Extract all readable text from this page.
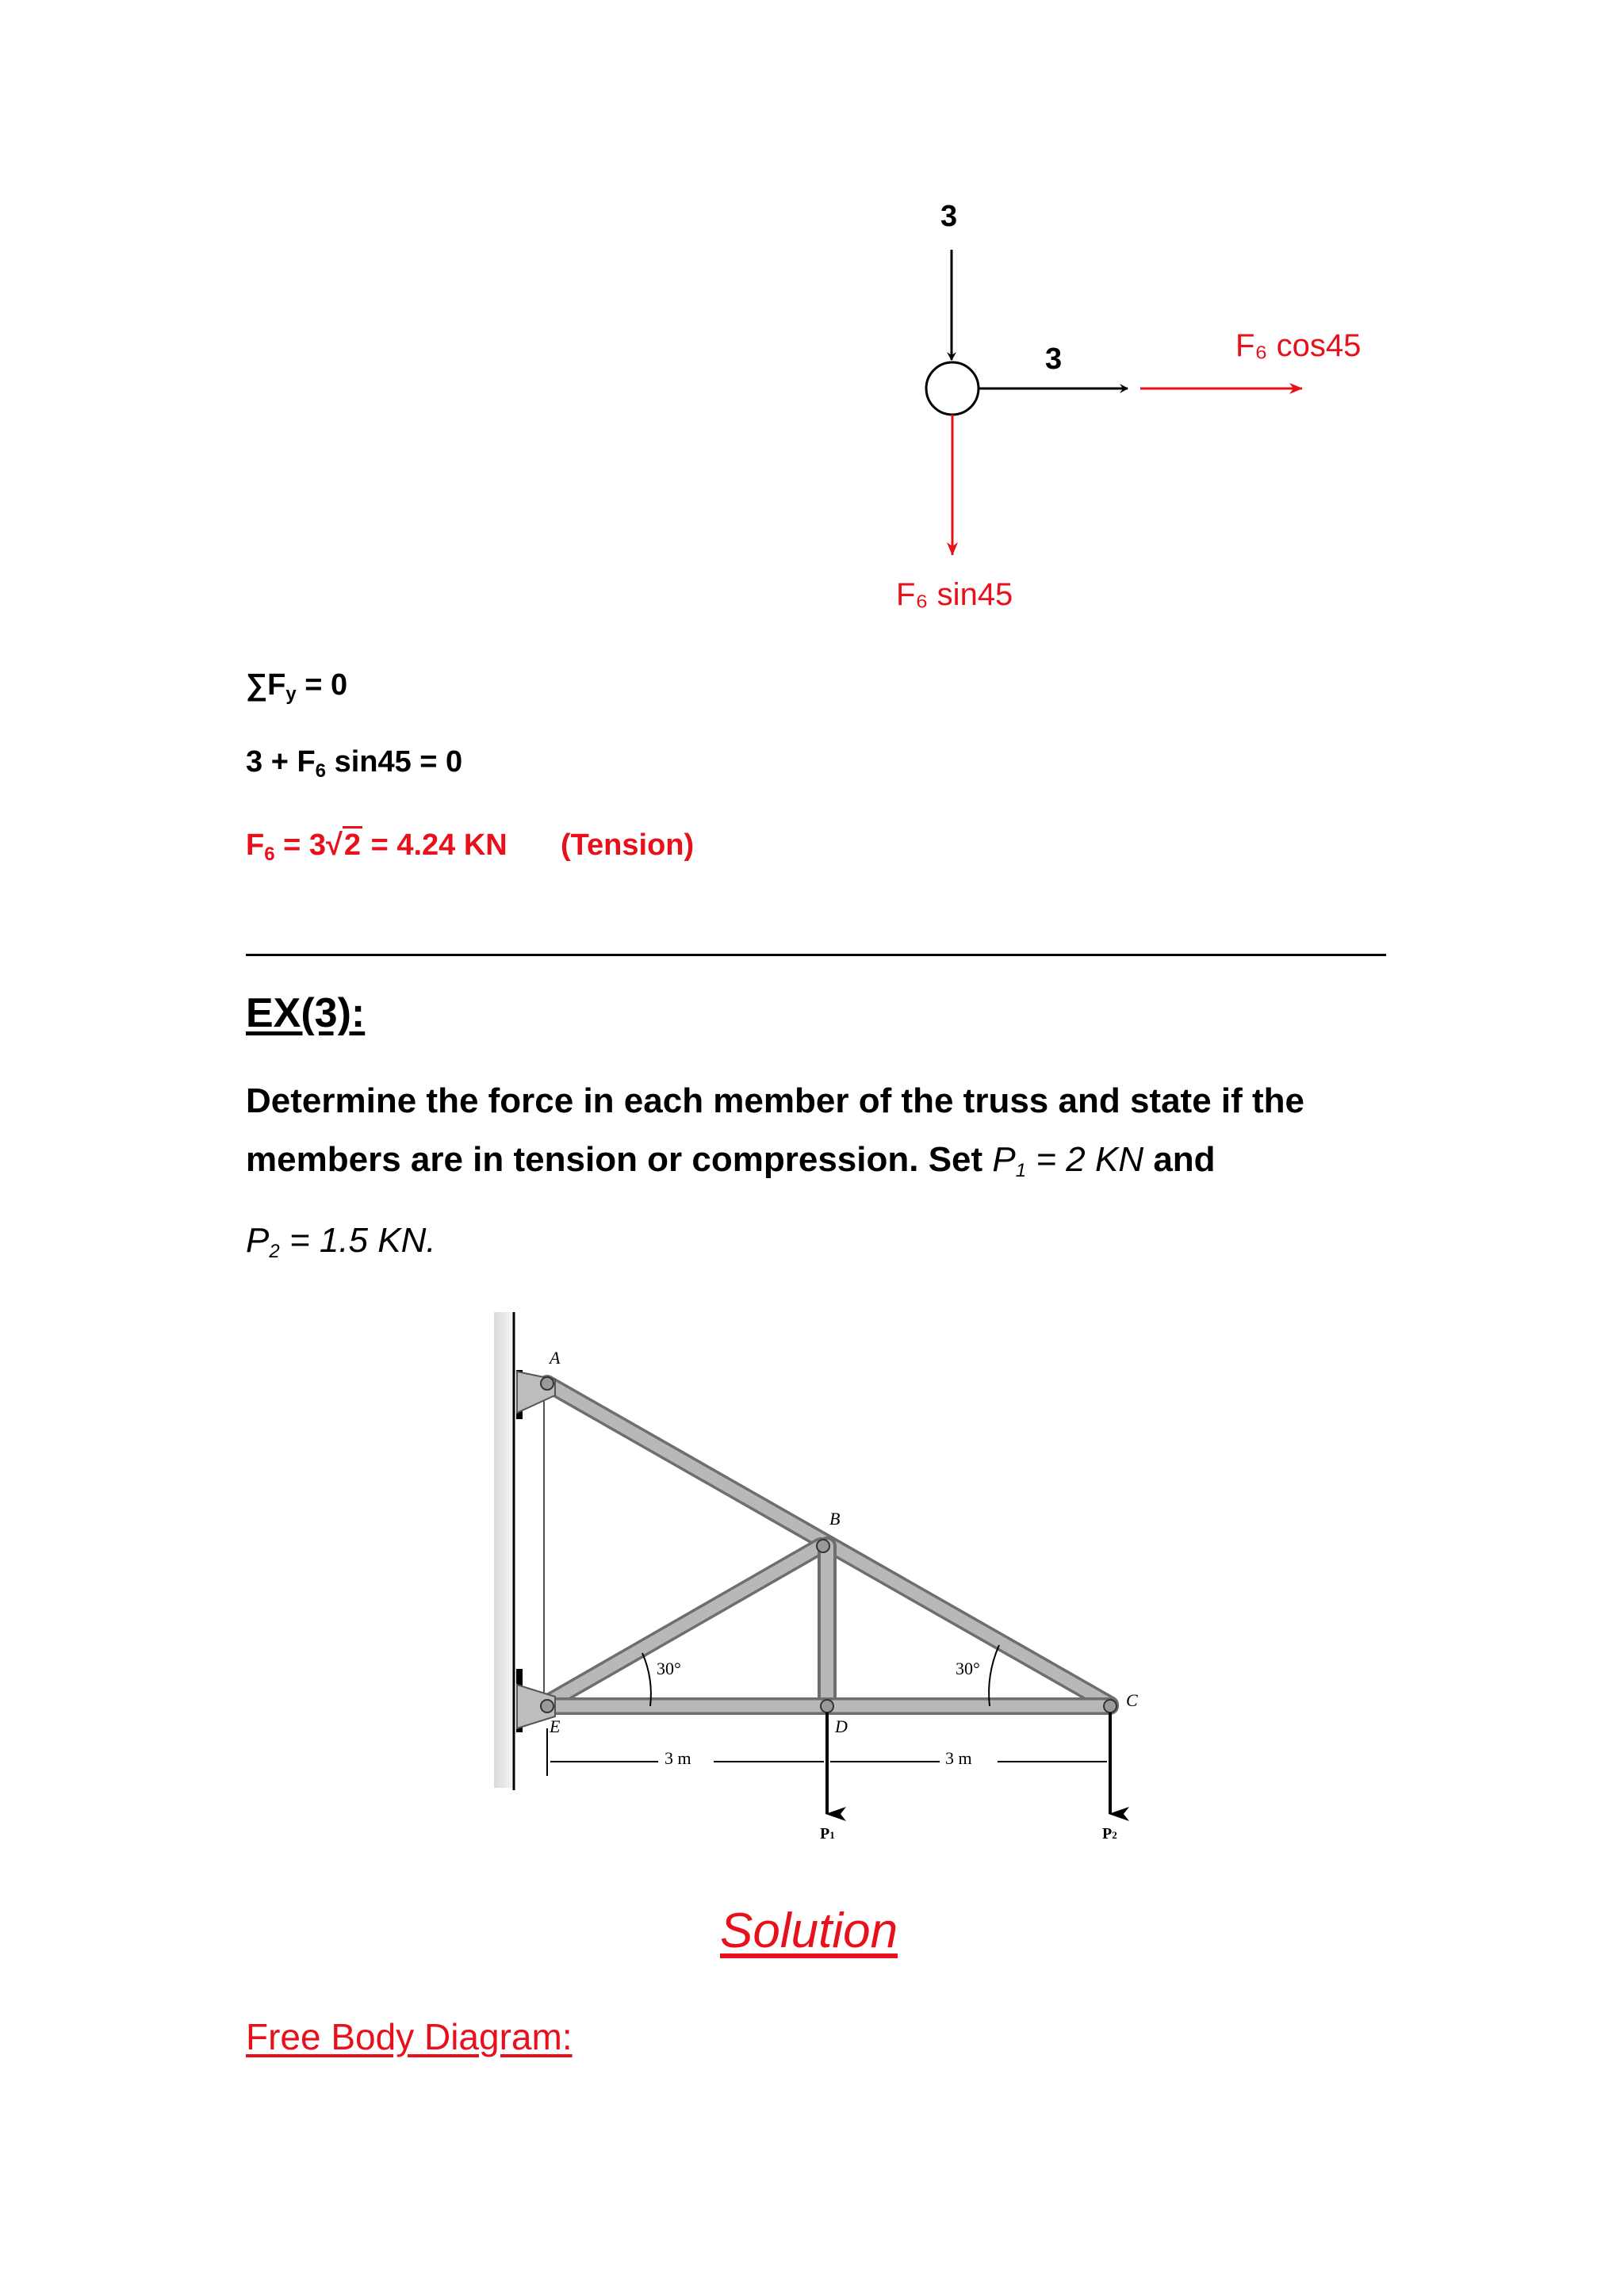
3
3	F₆ cos45
F₆ sin45
$\sum F_y = 0$
$3 + F_6$ sin45 = 0
$F_6 = 3√2 = 4.24$ KN (Tension)
EX(3):
Determine the force in each member of the truss and state if the
members are in tension or compression. Set $P_1 = 2$ KN and
$P_2 = 1.5$ KN.
A
B
C
D
E
30°	30°
3 m	3 m
P1	P2
Solution
Free Body Diagram:
